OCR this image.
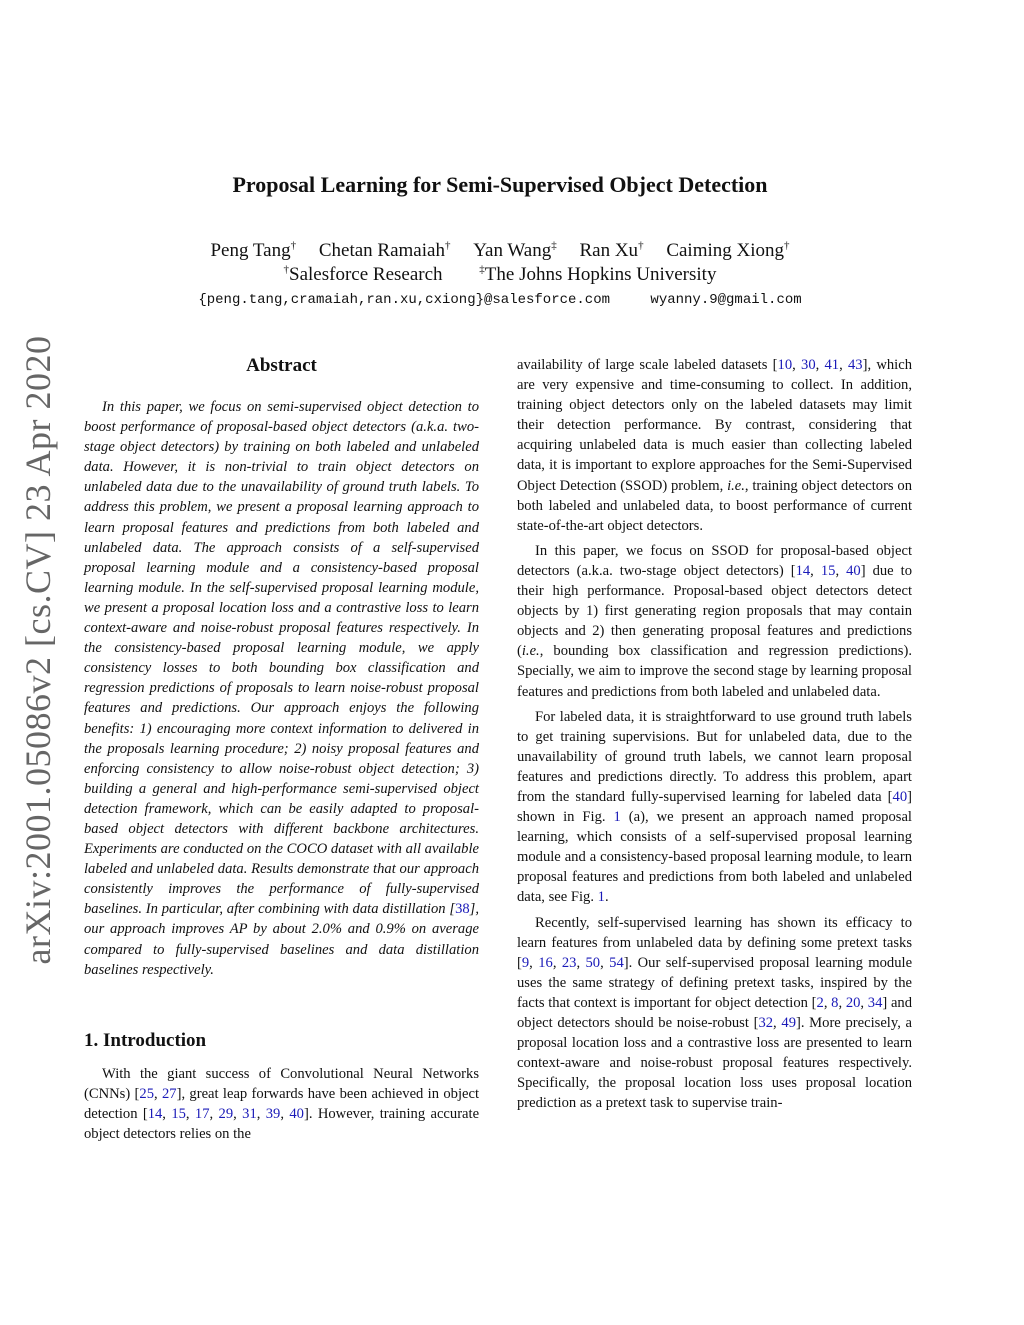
arXiv:2001.05086v2 [cs.CV] 23 Apr 2020
Proposal Learning for Semi-Supervised Object Detection
Peng Tang† Chetan Ramaiah† Yan Wang‡ Ran Xu† Caiming Xiong†
†Salesforce Research	‡The Johns Hopkins University
{peng.tang,cramaiah,ran.xu,cxiong}@salesforce.com	wyanny.9@gmail.com
Abstract

In this paper, we focus on semi-supervised object detection to boost performance of proposal-based object detectors (a.k.a. two-stage object detectors) by training on both labeled and unlabeled data. However, it is non-trivial to train object detectors on unlabeled data due to the unavailability of ground truth labels. To address this problem, we present a proposal learning approach to learn proposal features and predictions from both labeled and unlabeled data. The approach consists of a self-supervised proposal learning module and a consistency-based proposal learning module. In the self-supervised proposal learning module, we present a proposal location loss and a contrastive loss to learn context-aware and noise-robust proposal features respectively. In the consistency-based proposal learning module, we apply consistency losses to both bounding box classification and regression predictions of proposals to learn noise-robust proposal features and predictions. Our approach enjoys the following benefits: 1) encouraging more context information to delivered in the proposals learning procedure; 2) noisy proposal features and enforcing consistency to allow noise-robust object detection; 3) building a general and high-performance semi-supervised object detection framework, which can be easily adapted to proposal-based object detectors with different backbone architectures. Experiments are conducted on the COCO dataset with all available labeled and unlabeled data. Results demonstrate that our approach consistently improves the performance of fully-supervised baselines. In particular, after combining with data distillation [38], our approach improves AP by about 2.0% and 0.9% on average compared to fully-supervised baselines and data distillation baselines respectively.

1. Introduction

With the giant success of Convolutional Neural Networks (CNNs) [25, 27], great leap forwards have been achieved in object detection [14, 15, 17, 29, 31, 39, 40]. However, training accurate object detectors relies on the

availability of large scale labeled datasets [10, 30, 41, 43], which are very expensive and time-consuming to collect. In addition, training object detectors only on the labeled datasets may limit their detection performance. By contrast, considering that acquiring unlabeled data is much easier than collecting labeled data, it is important to explore approaches for the Semi-Supervised Object Detection (SSOD) problem, i.e., training object detectors on both labeled and unlabeled data, to boost performance of current state-of-the-art object detectors.

In this paper, we focus on SSOD for proposal-based object detectors (a.k.a. two-stage object detectors) [14, 15, 40] due to their high performance. Proposal-based object detectors detect objects by 1) first generating region proposals that may contain objects and 2) then generating proposal features and predictions (i.e., bounding box classification and regression predictions). Specially, we aim to improve the second stage by learning proposal features and predictions from both labeled and unlabeled data.

For labeled data, it is straightforward to use ground truth labels to get training supervisions. But for unlabeled data, due to the unavailability of ground truth labels, we cannot learn proposal features and predictions directly. To address this problem, apart from the standard fully-supervised learning for labeled data [40] shown in Fig. 1 (a), we present an approach named proposal learning, which consists of a self-supervised proposal learning module and a consistency-based proposal learning module, to learn proposal features and predictions from both labeled and unlabeled data, see Fig. 1.

Recently, self-supervised learning has shown its efficacy to learn features from unlabeled data by defining some pretext tasks [9, 16, 23, 50, 54]. Our self-supervised proposal learning module uses the same strategy of defining pretext tasks, inspired by the facts that context is important for object detection [2, 8, 20, 34] and object detectors should be noise-robust [32, 49]. More precisely, a proposal location loss and a contrastive loss are presented to learn context-aware and noise-robust proposal features respectively. Specifically, the proposal location loss uses proposal location prediction as a pretext task to supervise train-
